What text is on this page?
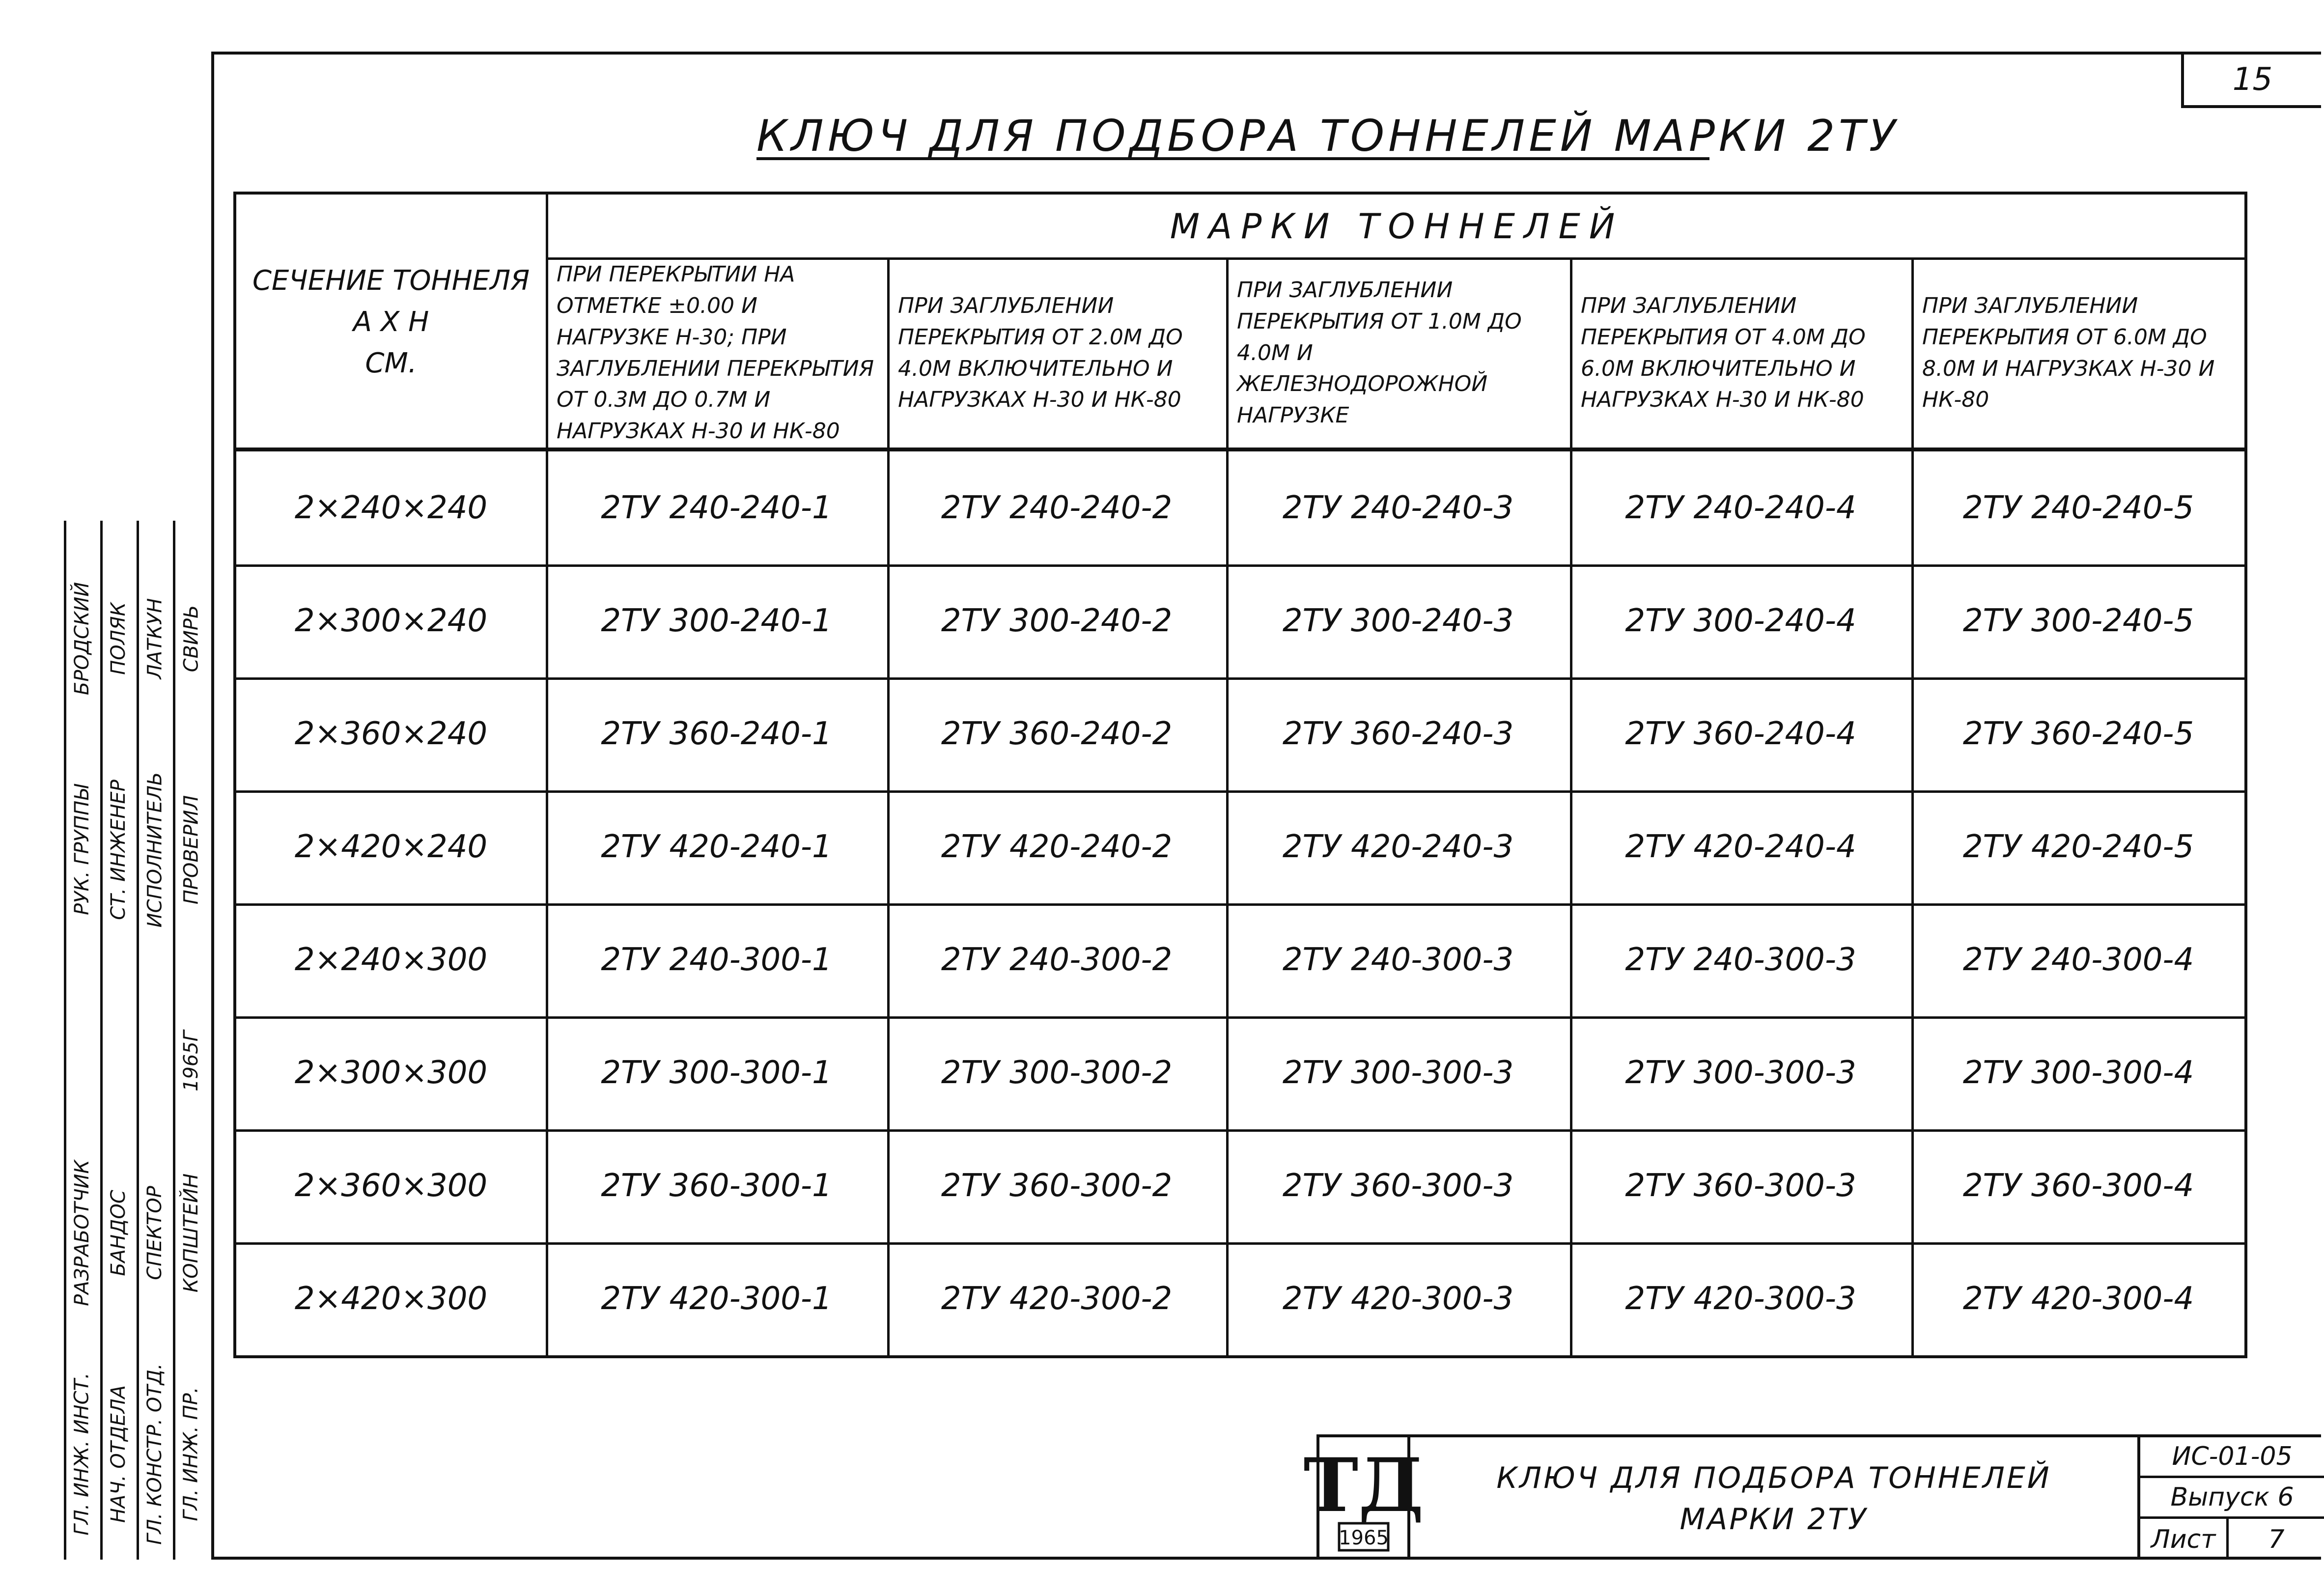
15
КЛЮЧ ДЛЯ ПОДБОРА ТОННЕЛЕЙ МАРКИ 2ТУ
СЕЧЕНИЕ ТОННЕЛЯ
A X H
СМ.
МАРКИ ТОННЕЛЕЙ
ПРИ ПЕРЕКРЫТИИ НА ОТМЕТКЕ ±0.00 И НАГРУЗКЕ Н-30; ПРИ ЗАГЛУБЛЕНИИ ПЕРЕКРЫТИЯ ОТ 0.3М ДО 0.7М И НАГРУЗКАХ Н-30 И НК-80
ПРИ ЗАГЛУБЛЕНИИ ПЕРЕКРЫТИЯ ОТ 2.0М ДО 4.0М ВКЛЮЧИТЕЛЬНО И НАГРУЗКАХ Н-30 И НК-80
ПРИ ЗАГЛУБЛЕНИИ ПЕРЕКРЫТИЯ ОТ 1.0М ДО 4.0М И ЖЕЛЕЗНОДОРОЖНОЙ НАГРУЗКЕ
ПРИ ЗАГЛУБЛЕНИИ ПЕРЕКРЫТИЯ ОТ 4.0М ДО 6.0М ВКЛЮЧИТЕЛЬНО И НАГРУЗКАХ Н-30 И НК-80
ПРИ ЗАГЛУБЛЕНИИ ПЕРЕКРЫТИЯ ОТ 6.0М ДО 8.0М И НАГРУЗКАХ Н-30 И НК-80
2×240×240	2ТУ 240-240-1	2ТУ 240-240-2	2ТУ 240-240-3	2ТУ 240-240-4	2ТУ 240-240-5
2×300×240	2ТУ 300-240-1	2ТУ 300-240-2	2ТУ 300-240-3	2ТУ 300-240-4	2ТУ 300-240-5
2×360×240	2ТУ 360-240-1	2ТУ 360-240-2	2ТУ 360-240-3	2ТУ 360-240-4	2ТУ 360-240-5
2×420×240	2ТУ 420-240-1	2ТУ 420-240-2	2ТУ 420-240-3	2ТУ 420-240-4	2ТУ 420-240-5
2×240×300	2ТУ 240-300-1	2ТУ 240-300-2	2ТУ 240-300-3	2ТУ 240-300-3	2ТУ 240-300-4
2×300×300	2ТУ 300-300-1	2ТУ 300-300-2	2ТУ 300-300-3	2ТУ 300-300-3	2ТУ 300-300-4
2×360×300	2ТУ 360-300-1	2ТУ 360-300-2	2ТУ 360-300-3	2ТУ 360-300-3	2ТУ 360-300-4
2×420×300	2ТУ 420-300-1	2ТУ 420-300-2	2ТУ 420-300-3	2ТУ 420-300-3	2ТУ 420-300-4
ТД
1965
КЛЮЧ ДЛЯ ПОДБОРА ТОННЕЛЕЙ
МАРКИ 2ТУ
ИС-01-05
Выпуск 6
Лист	7
РУК. ГРУППЫ СТ. ИНЖЕНЕР ИСПОЛНИТЕЛЬ ПРОВЕРИЛ
БРОДСКИЙ ПОЛЯК ЛАТКУН СВИРЬ
ГЛ. ИНЖ. ИНСТ. НАЧ. ОТДЕЛА ГЛ. КОНСТР. ОТД. ГЛ. ИНЖ. ПР.
РАЗРАБОТЧИК БАНДОС СПЕКТОР КОПШТЕЙН
1965Г
